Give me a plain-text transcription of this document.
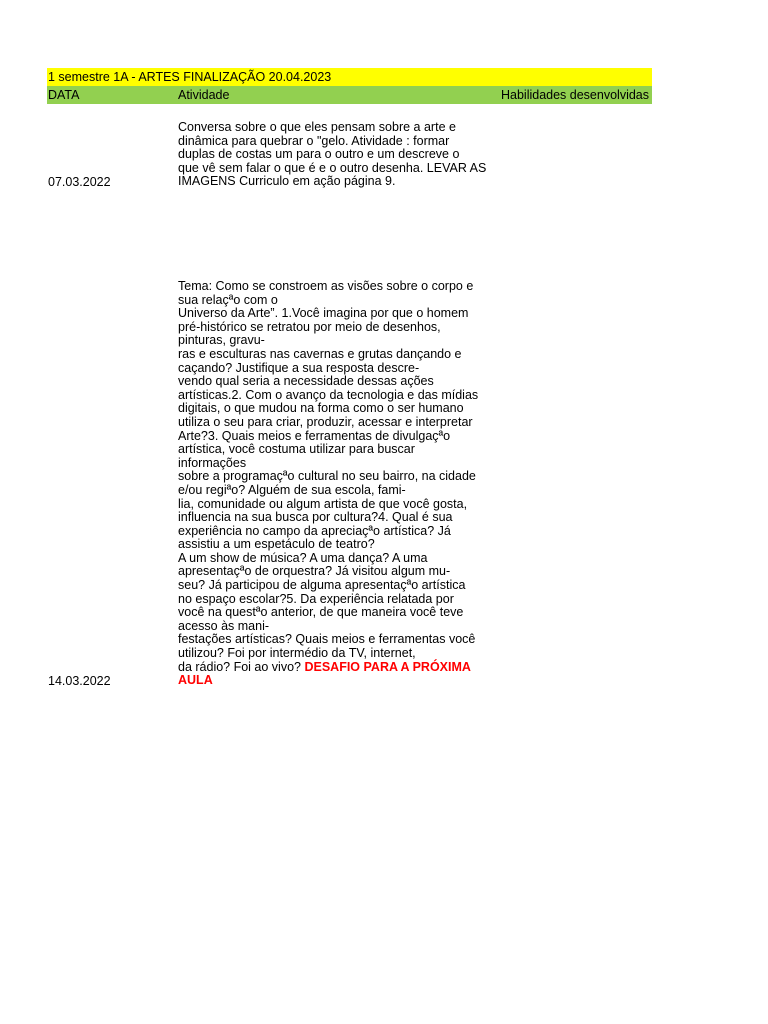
1 semestre 1A - ARTES FINALIZAÇÃO 20.04.2023
DATA	Atividade	Habilidades desenvolvidas
07.03.2022

Conversa sobre o que eles pensam sobre a arte e

dinâmica para quebrar o "gelo. Atividade : formar

duplas de costas um para o outro e um descreve o

que vê sem falar o que é e o outro desenha. LEVAR AS

IMAGENS Curriculo em ação página 9.

Tema: Como se constroem as visões sobre o corpo e

sua relaçªo com o

Universo da Arte”. 1.Você imagina por que o homem

pré-histórico se retratou por meio de desenhos,

pinturas, gravu-

ras e esculturas nas cavernas e grutas dançando e

caçando? Justifique a sua resposta descre-

vendo qual seria a necessidade dessas ações

artísticas.2. Com o avanço da tecnologia e das mídias

digitais, o que mudou na forma como o ser humano

utiliza o seu para criar, produzir, acessar e interpretar

Arte?3. Quais meios e ferramentas de divulgaçªo

artística, você costuma utilizar para buscar

informações

sobre a programaçªo cultural no seu bairro, na cidade

e/ou regiªo? Alguém de sua escola, fami-

lia, comunidade ou algum artista de que você gosta,

influencia na sua busca por cultura?4. Qual é sua

experiência no campo da apreciaçªo artística? Já

assistiu a um espetáculo de teatro?

A um show de música? A uma dança? A uma

apresentaçªo de orquestra? Já visitou algum mu-

seu? Já participou de alguma apresentaçªo artística

no espaço escolar?5. Da experiência relatada por

você na questªo anterior, de que maneira você teve

acesso às mani-

festações artísticas? Quais meios e ferramentas você

utilizou? Foi por intermédio da TV, internet,

da rádio? Foi ao vivo? DESAFIO PARA A PRÓXIMA

AULA

14.03.2022
